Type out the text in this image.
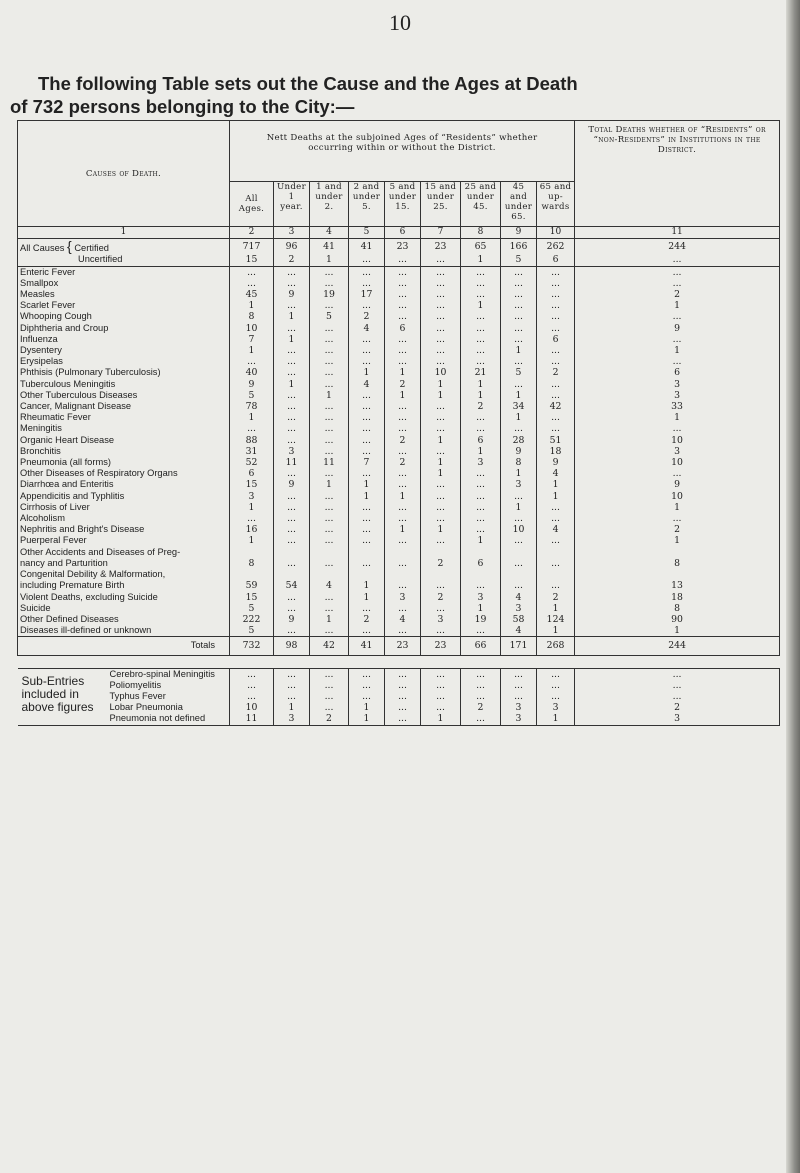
10
The following Table sets out the Cause and the Ages at Death
of 732 persons belonging to the City:—
Causes of Death.	Nett Deaths at the subjoined Ages of “Residents” whether occurring within or without the District.									Total Deaths whether of “Residents” or “non-Residents” in Institutions in the District.
	All Ages.	Under 1 year.	1 and under 2.	2 and under 5.	5 and under 15.	15 and under 25.	25 and under 45.	45 and under 65.	65 and up-wards	
1	2	3	4	5	6	7	8	9	10	11
All Causes { Certified	717	96	41	41	23	23	65	166	262	244
Uncertified	15	2	1	...	...	...	1	5	6	...
Enteric Fever	...	...	...	...	...	...	...	...	...	...
Smallpox	...	...	...	...	...	...	...	...	...	...
Measles	45	9	19	17	...	...	...	...	...	2
Scarlet Fever	1	...	...	...	...	...	1	...	...	1
Whooping Cough	8	1	5	2	...	...	...	...	...	...
Diphtheria and Croup	10	...	...	4	6	...	...	...	...	9
Influenza	7	1	...	...	...	...	...	...	6	...
Dysentery	1	...	...	...	...	...	...	1	...	1
Erysipelas	...	...	...	...	...	...	...	...	...	...
Phthisis (Pulmonary Tuberculosis)	40	...	...	1	1	10	21	5	2	6
Tuberculous Meningitis	9	1	...	4	2	1	1	...	...	3
Other Tuberculous Diseases	5	...	1	...	1	1	1	1	...	3
Cancer, Malignant Disease	78	...	...	...	...	...	2	34	42	33
Rheumatic Fever	1	...	...	...	...	...	...	1	...	1
Meningitis	...	...	...	...	...	...	...	...	...	...
Organic Heart Disease	88	...	...	...	2	1	6	28	51	10
Bronchitis	31	3	...	...	...	...	1	9	18	3
Pneumonia (all forms)	52	11	11	7	2	1	3	8	9	10
Other Diseases of Respiratory Organs	6	...	...	...	...	1	...	1	4	...
Diarrhœa and Enteritis	15	9	1	1	...	...	...	3	1	9
Appendicitis and Typhlitis	3	...	...	1	1	...	...	...	1	10
Cirrhosis of Liver	1	...	...	...	...	...	...	1	...	1
Alcoholism	...	...	...	...	...	...	...	...	...	...
Nephritis and Bright's Disease	16	...	...	...	1	1	...	10	4	2
Puerperal Fever	1	...	...	...	...	...	1	...	...	1
Other Accidents and Diseases of Preg-										
nancy and Parturition	8	...	...	...	...	2	6	...	...	8
Congenital Debility & Malformation,										
including Premature Birth	59	54	4	1	...	...	...	...	...	13
Violent Deaths, excluding Suicide	15	...	...	1	3	2	3	4	2	18
Suicide	5	...	...	...	...	...	1	3	1	8
Other Defined Diseases	222	9	1	2	4	3	19	58	124	90
Diseases ill-defined or unknown	5	...	...	...	...	...	...	4	1	1
Totals	732	98	42	41	23	23	66	171	268	244

Sub-Entries included in above figures
Cerebro-spinal Meningitis	...	...	...	...	...	...	...	...	...	...
Poliomyelitis	...	...	...	...	...	...	...	...	...	...
Typhus Fever	...	...	...	...	...	...	...	...	...	...
Lobar Pneumonia	10	1	...	1	...	...	2	3	3	2
Pneumonia not defined	11	3	2	1	...	1	...	3	1	3
